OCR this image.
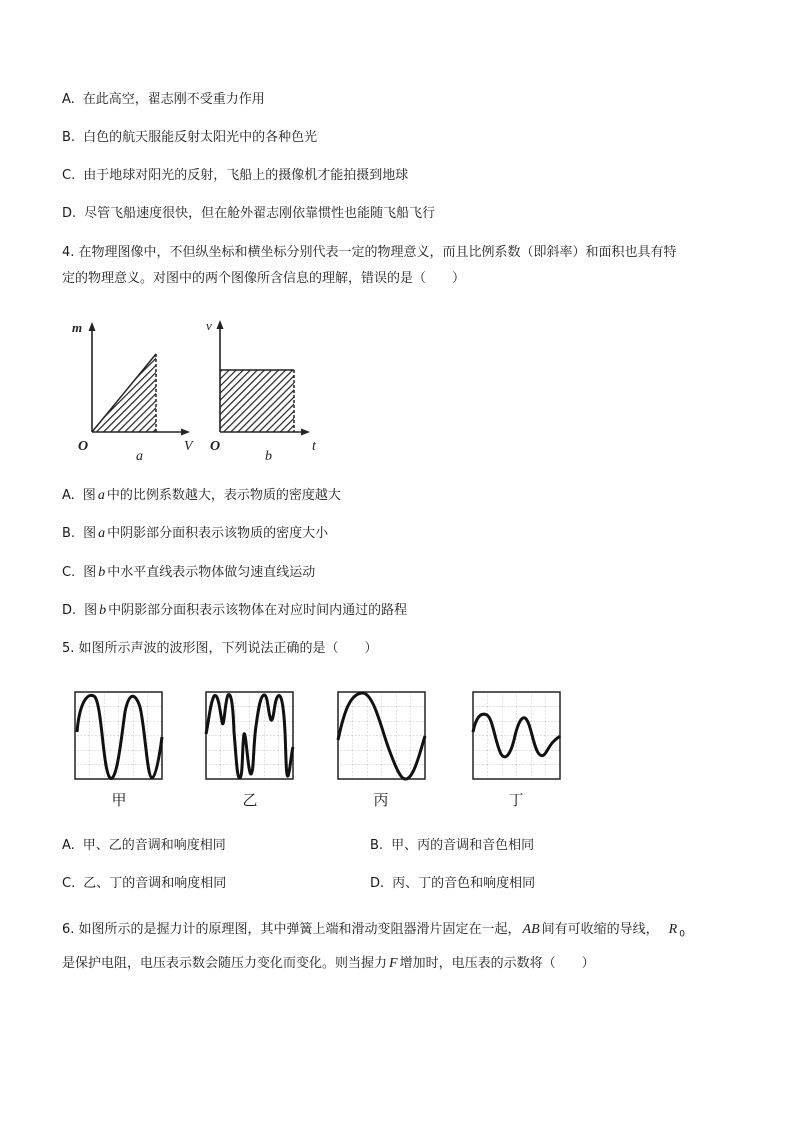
A. 在此高空，翟志刚不受重力作用
B. 白色的航天服能反射太阳光中的各种色光
C. 由于地球对阳光的反射，飞船上的摄像机才能拍摄到地球
D. 尽管飞船速度很快，但在舱外翟志刚依靠惯性也能随飞船飞行
4. 在物理图像中，不但纵坐标和横坐标分别代表一定的物理意义，而且比例系数（即斜率）和面积也具有特
定的物理意义。对图中的两个图像所含信息的理解，错误的是（　　）
m
V
O
a
v
t
O
b
A. 图 a 中的比例系数越大，表示物质的密度越大
B. 图 a 中阴影部分面积表示该物质的密度大小
C. 图 b 中水平直线表示物体做匀速直线运动
D. 图 b 中阴影部分面积表示该物体在对应时间内通过的路程
5. 如图所示声波的波形图，下列说法正确的是（　　）
甲	乙	丙	丁
A. 甲、乙的音调和响度相同	B. 甲、丙的音调和音色相同
C. 乙、丁的音调和响度相同	D. 丙、丁的音色和响度相同
6. 如图所示的是握力计的原理图，其中弹簧上端和滑动变阻器滑片固定在一起， AB 间有可收缩的导线， R $_0$
是保护电阻，电压表示数会随压力变化而变化。则当握力 F 增加时，电压表的示数将（　　）
